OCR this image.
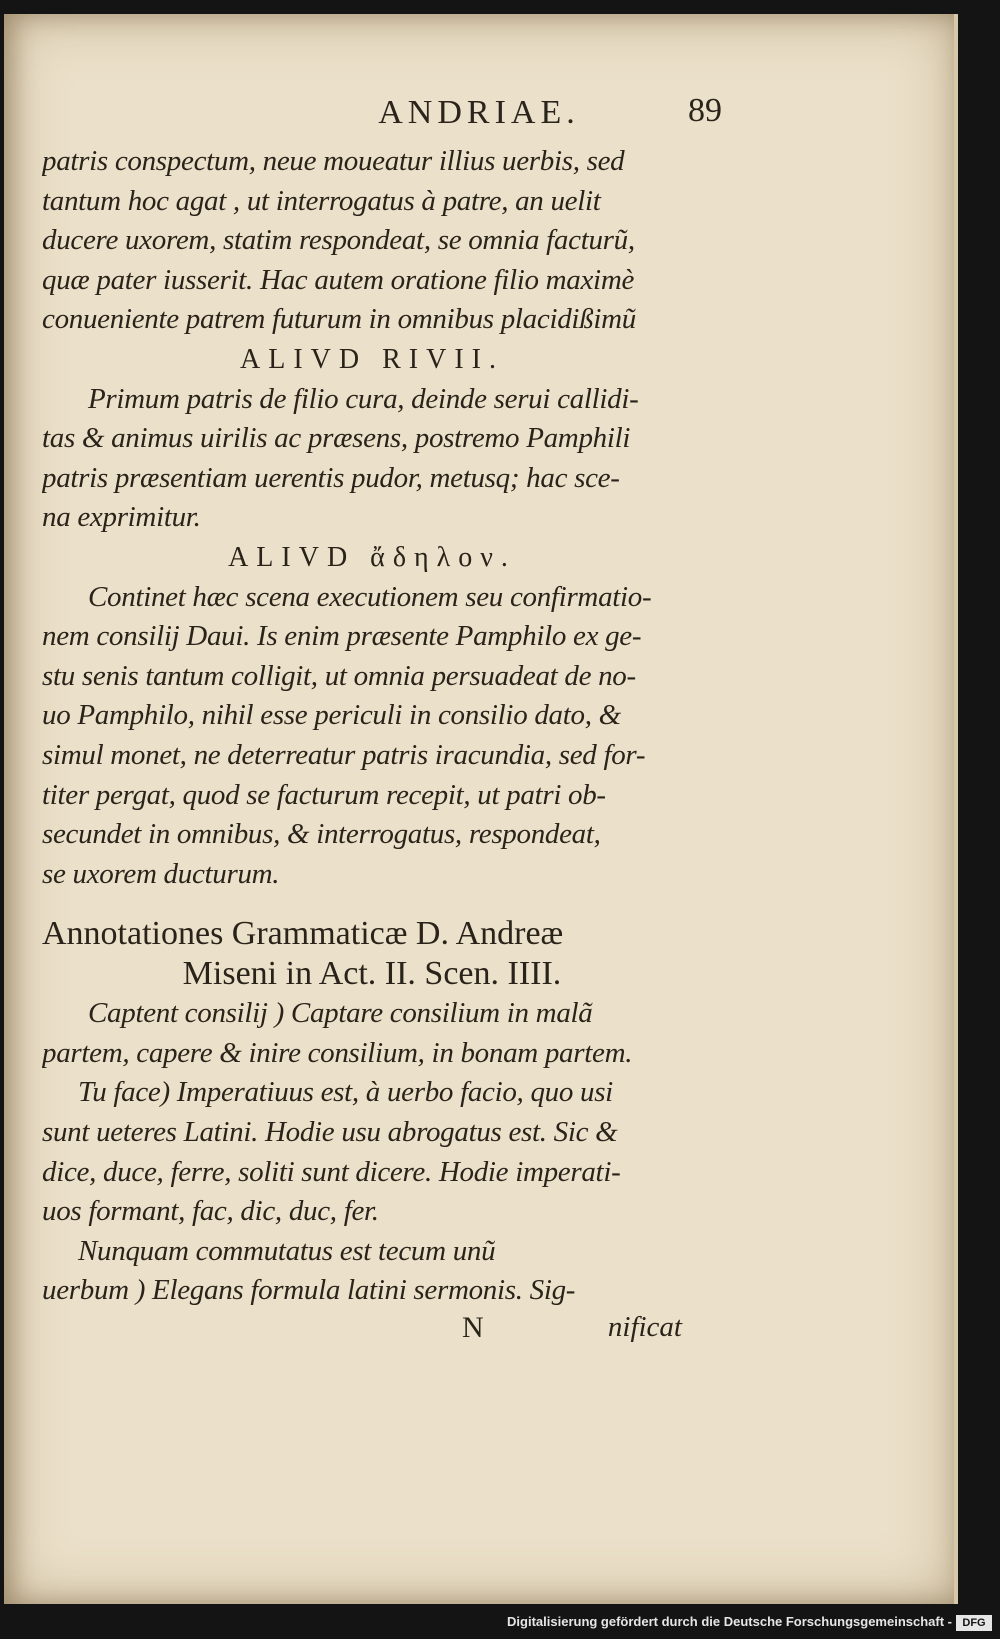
ANDRIAE.	89
patris conspectum, neue moueatur illius uerbis, sed
tantum hoc agat , ut interrogatus à patre, an uelit
ducere uxorem, statim respondeat, se omnia facturũ,
quæ pater iusserit. Hac autem oratione filio maximè
conueniente patrem futurum in omnibus placidißimũ
ALIVD RIVII.
Primum patris de filio cura, deinde serui callidi-
tas & animus uirilis ac præsens, postremo Pamphili
patris præsentiam uerentis pudor, metusq; hac sce-
na exprimitur.
ALIVD ἄδηλον.
Continet hæc scena executionem seu confirmatio-
nem consilij Daui. Is enim præsente Pamphilo ex ge-
stu senis tantum colligit, ut omnia persuadeat de no-
uo Pamphilo, nihil esse periculi in consilio dato, &
simul monet, ne deterreatur patris iracundia, sed for-
titer pergat, quod se facturum recepit, ut patri ob-
secundet in omnibus, & interrogatus, respondeat,
se uxorem ducturum.
Annotationes Grammaticæ D. Andreæ
Miseni in Act. II. Scen. IIII.
Captent consilij ) Captare consilium in malã
partem, capere & inire consilium, in bonam partem.
Tu face) Imperatiuus est, à uerbo facio, quo usi
sunt ueteres Latini. Hodie usu abrogatus est. Sic &
dice, duce, ferre, soliti sunt dicere. Hodie imperati-
uos formant, fac, dic, duc, fer.
Nunquam commutatus est tecum unũ
uerbum ) Elegans formula latini sermonis. Sig-
N	nificat
Digitalisierung gefördert durch die Deutsche Forschungsgemeinschaft - DFG
